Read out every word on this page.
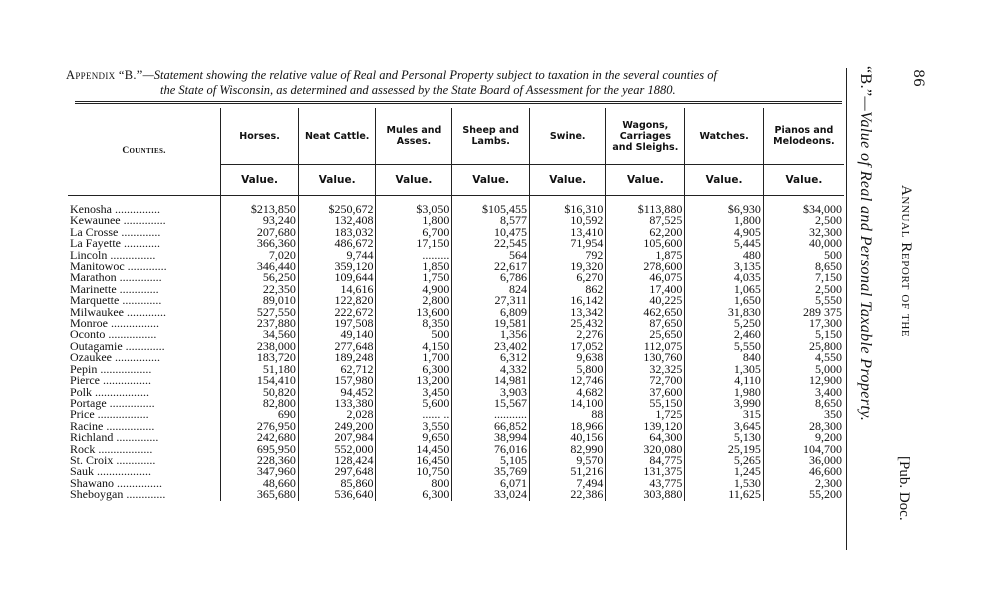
Appendix “B.”—Statement showing the relative value of Real and Personal Property subject to taxation in the several counties of
the State of Wisconsin, as determined and assessed by the State Board of Assessment for the year 1880.
Counties.	Horses.	Neat Cattle.	Mules and Asses.	Sheep and Lambs.	Swine.	Wagons, Carriages and Sleighs.	Watches.	Pianos and Melodeons.
	Value.	Value.	Value.	Value.	Value.	Value.	Value.	Value.

Kenosha ...............	$213,850	$250,672	$3,050	$105,455	$16,310	$113,880	$6,930	$34,000
Kewaunee ..............	93,240	132,408	1,800	8,577	10,592	87,525	1,800	2,500
La Crosse .............	207,680	183,032	6,700	10,475	13,410	62,200	4,905	32,300
La Fayette ............	366,360	486,672	17,150	22,545	71,954	105,600	5,445	40,000
Lincoln ...............	7,020	9,744	.........	564	792	1,875	480	500
Manitowoc .............	346,440	359,120	1,850	22,617	19,320	278,600	3,135	8,650
Marathon ..............	56,250	109,644	1,750	6,786	6,270	46,075	4,035	7,150
Marinette .............	22,350	14,616	4,900	824	862	17,400	1,065	2,500
Marquette .............	89,010	122,820	2,800	27,311	16,142	40,225	1,650	5,550
Milwaukee .............	527,550	222,672	13,600	6,809	13,342	462,650	31,830	289 375
Monroe ................	237,880	197,508	8,350	19,581	25,432	87,650	5,250	17,300
Oconto ................	34,560	49,140	500	1,356	2,276	25,650	2,460	5,150
Outagamie .............	238,000	277,648	4,150	23,402	17,052	112,075	5,550	25,800
Ozaukee ...............	183,720	189,248	1,700	6,312	9,638	130,760	840	4,550
Pepin .................	51,180	62,712	6,300	4,332	5,800	32,325	1,305	5,000
Pierce ................	154,410	157,980	13,200	14,981	12,746	72,700	4,110	12,900
Polk ..................	50,820	94,452	3,450	3,903	4,682	37,600	1,980	3,400
Portage ...............	82,800	133,380	5,600	15,567	14,100	55,150	3,990	8,650
Price .................	690	2,028	...... ..	...........	88	1,725	315	350
Racine ................	276,950	249,200	3,550	66,852	18,966	139,120	3,645	28,300
Richland ..............	242,680	207,984	9,650	38,994	40,156	64,300	5,130	9,200
Rock ..................	695,950	552,000	14,450	76,016	82,990	320,080	25,195	104,700
St. Croix .............	228,360	128,424	16,450	5,105	9,570	84,775	5,265	36,000
Sauk ..................	347,960	297,648	10,750	35,769	51,216	131,375	1,245	46,600
Shawano ...............	48,660	85,860	800	6,071	7,494	43,775	1,530	2,300
Sheboygan .............	365,680	536,640	6,300	33,024	22,386	303,880	11,625	55,200
“B.”—Value of Real and Personal Taxable Property.
86
Annual Report of the
[Pub. Doc.
